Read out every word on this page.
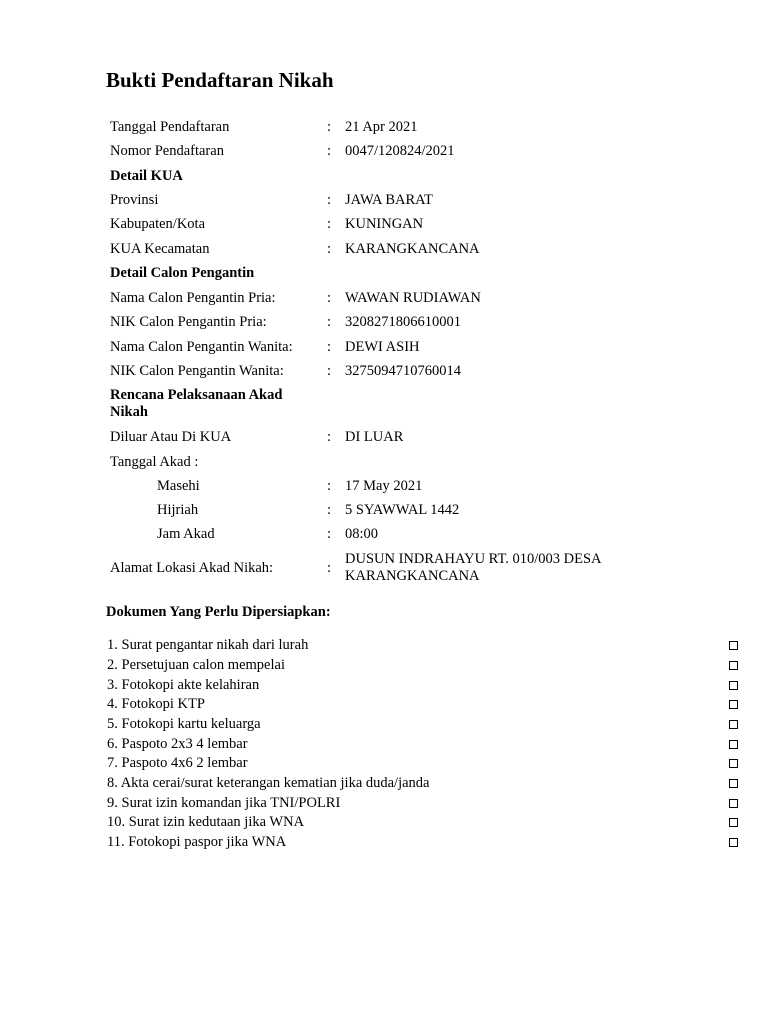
Bukti Pendaftaran Nikah
Tanggal Pendaftaran	: 21 Apr 2021
Nomor Pendaftaran	: 0047/120824/2021
Detail KUA
Provinsi	: JAWA BARAT
Kabupaten/Kota	: KUNINGAN
KUA Kecamatan	: KARANGKANCANA
Detail Calon Pengantin
Nama Calon Pengantin Pria:	: WAWAN RUDIAWAN
NIK Calon Pengantin Pria:	: 3208271806610001
Nama Calon Pengantin Wanita: : DEWI ASIH
NIK Calon Pengantin Wanita:	: 3275094710760014
Rencana Pelaksanaan Akad
Nikah
Diluar Atau Di KUA	: DI LUAR
Tanggal Akad :
Masehi	: 17 May 2021
Hijriah	: 5 SYAWWAL 1442
Jam Akad	: 08:00
Alamat Lokasi Akad Nikah:	:
DUSUN INDRAHAYU RT. 010/003 DESA
KARANGKANCANA
Dokumen Yang Perlu Dipersiapkan:
1. Surat pengantar nikah dari lurah
2. Persetujuan calon mempelai
3. Fotokopi akte kelahiran
4. Fotokopi KTP
5. Fotokopi kartu keluarga
6. Paspoto 2x3 4 lembar
7. Paspoto 4x6 2 lembar
8. Akta cerai/surat keterangan kematian jika duda/janda
9. Surat izin komandan jika TNI/POLRI
10. Surat izin kedutaan jika WNA
11. Fotokopi paspor jika WNA
